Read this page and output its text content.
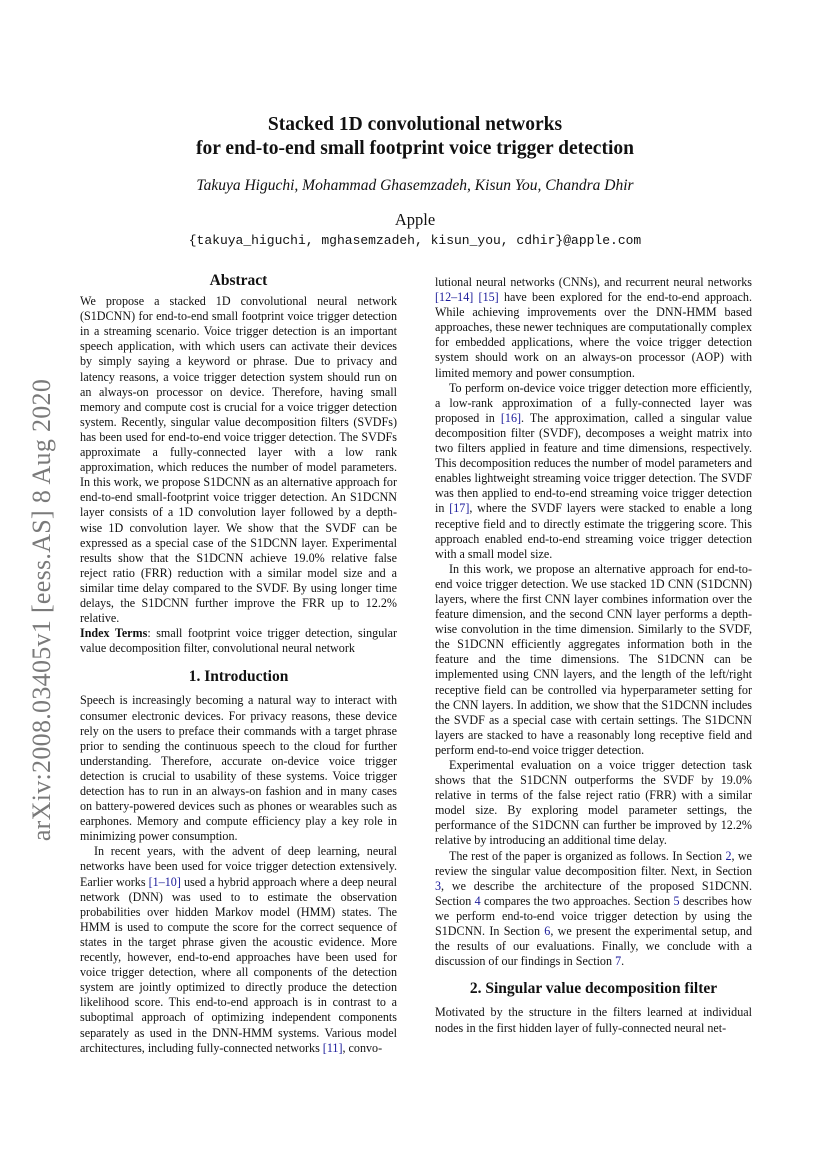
arXiv:2008.03405v1 [eess.AS] 8 Aug 2020
Stacked 1D convolutional networks
for end-to-end small footprint voice trigger detection
Takuya Higuchi, Mohammad Ghasemzadeh, Kisun You, Chandra Dhir
Apple
{takuya_higuchi, mghasemzadeh, kisun_you, cdhir}@apple.com
Abstract

We propose a stacked 1D convolutional neural network (S1DCNN) for end-to-end small footprint voice trigger detection in a streaming scenario. Voice trigger detection is an important speech application, with which users can activate their devices by simply saying a keyword or phrase. Due to privacy and latency reasons, a voice trigger detection system should run on an always-on processor on device. Therefore, having small memory and compute cost is crucial for a voice trigger detection system. Recently, singular value decomposition filters (SVDFs) has been used for end-to-end voice trigger detection. The SVDFs approximate a fully-connected layer with a low rank approximation, which reduces the number of model parameters. In this work, we propose S1DCNN as an alternative approach for end-to-end small-footprint voice trigger detection. An S1DCNN layer consists of a 1D convolution layer followed by a depth-wise 1D convolution layer. We show that the SVDF can be expressed as a special case of the S1DCNN layer. Experimental results show that the S1DCNN achieve 19.0% relative false reject ratio (FRR) reduction with a similar model size and a similar time delay compared to the SVDF. By using longer time delays, the S1DCNN further improve the FRR up to 12.2% relative.

Index Terms: small footprint voice trigger detection, singular value decomposition filter, convolutional neural network

1. Introduction

Speech is increasingly becoming a natural way to interact with consumer electronic devices. For privacy reasons, these device rely on the users to preface their commands with a target phrase prior to sending the continuous speech to the cloud for further understanding. Therefore, accurate on-device voice trigger detection is crucial to usability of these systems. Voice trigger detection has to run in an always-on fashion and in many cases on battery-powered devices such as phones or wearables such as earphones. Memory and compute efficiency play a key role in minimizing power consumption.

In recent years, with the advent of deep learning, neural networks have been used for voice trigger detection extensively. Earlier works [1–10] used a hybrid approach where a deep neural network (DNN) was used to to estimate the observation probabilities over hidden Markov model (HMM) states. The HMM is used to compute the score for the correct sequence of states in the target phrase given the acoustic evidence. More recently, however, end-to-end approaches have been used for voice trigger detection, where all components of the detection system are jointly optimized to directly produce the detection likelihood score. This end-to-end approach is in contrast to a suboptimal approach of optimizing independent components separately as used in the DNN-HMM systems. Various model architectures, including fully-connected networks [11], convo-

lutional neural networks (CNNs), and recurrent neural networks [12–14] [15] have been explored for the end-to-end approach. While achieving improvements over the DNN-HMM based approaches, these newer techniques are computationally complex for embedded applications, where the voice trigger detection system should work on an always-on processor (AOP) with limited memory and power consumption.

To perform on-device voice trigger detection more efficiently, a low-rank approximation of a fully-connected layer was proposed in [16]. The approximation, called a singular value decomposition filter (SVDF), decomposes a weight matrix into two filters applied in feature and time dimensions, respectively. This decomposition reduces the number of model parameters and enables lightweight streaming voice trigger detection. The SVDF was then applied to end-to-end streaming voice trigger detection in [17], where the SVDF layers were stacked to enable a long receptive field and to directly estimate the triggering score. This approach enabled end-to-end streaming voice trigger detection with a small model size.

In this work, we propose an alternative approach for end-to-end voice trigger detection. We use stacked 1D CNN (S1DCNN) layers, where the first CNN layer combines information over the feature dimension, and the second CNN layer performs a depth-wise convolution in the time dimension. Similarly to the SVDF, the S1DCNN efficiently aggregates information both in the feature and the time dimensions. The S1DCNN can be implemented using CNN layers, and the length of the left/right receptive field can be controlled via hyperparameter setting for the CNN layers. In addition, we show that the S1DCNN includes the SVDF as a special case with certain settings. The S1DCNN layers are stacked to have a reasonably long receptive field and perform end-to-end voice trigger detection.

Experimental evaluation on a voice trigger detection task shows that the S1DCNN outperforms the SVDF by 19.0% relative in terms of the false reject ratio (FRR) with a similar model size. By exploring model parameter settings, the performance of the S1DCNN can further be improved by 12.2% relative by introducing an additional time delay.

The rest of the paper is organized as follows. In Section 2, we review the singular value decomposition filter. Next, in Section 3, we describe the architecture of the proposed S1DCNN. Section 4 compares the two approaches. Section 5 describes how we perform end-to-end voice trigger detection by using the S1DCNN. In Section 6, we present the experimental setup, and the results of our evaluations. Finally, we conclude with a discussion of our findings in Section 7.

2. Singular value decomposition filter

Motivated by the structure in the filters learned at individual nodes in the first hidden layer of fully-connected neural net-
